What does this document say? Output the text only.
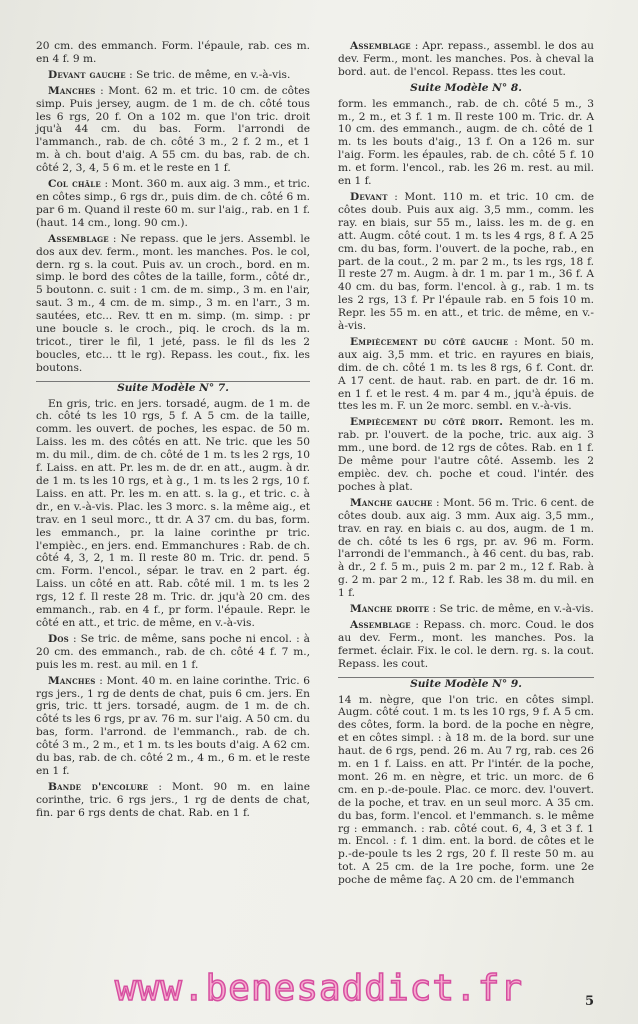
20 cm. des emmanch. Form. l'épaule, rab. ces m. en 4 f. 9 m.

Devant gauche : Se tric. de même, en v.-à-vis.

Manches : Mont. 62 m. et tric. 10 cm. de côtes simp. Puis jersey, augm. de 1 m. de ch. côté tous les 6 rgs, 20 f. On a 102 m. que l'on tric. droit jqu'à 44 cm. du bas. Form. l'arrondi de l'ammanch., rab. de ch. côté 3 m., 2 f. 2 m., et 1 m. à ch. bout d'aig. A 55 cm. du bas, rab. de ch. côté 2, 3, 4, 5 6 m. et le reste en 1 f.

Col châle : Mont. 360 m. aux aig. 3 mm., et tric. en côtes simp., 6 rgs dr., puis dim. de ch. côté 6 m. par 6 m. Quand il reste 60 m. sur l'aig., rab. en 1 f. (haut. 14 cm., long. 90 cm.).

Assemblage : Ne repass. que le jers. Assembl. le dos aux dev. ferm., mont. les manches. Pos. le col, dern. rg s. la cout. Puis av. un croch., bord. en m. simp. le bord des côtes de la taille, form., côté dr., 5 boutonn. c. suit : 1 cm. de m. simp., 3 m. en l'air, saut. 3 m., 4 cm. de m. simp., 3 m. en l'arr., 3 m. sautées, etc... Rev. tt en m. simp. (m. simp. : pr une boucle s. le croch., piq. le croch. ds la m. tricot., tirer le fil, 1 jeté, pass. le fil ds les 2 boucles, etc... tt le rg). Repass. les cout., fix. les boutons.

Suite Modèle N° 7.

En gris, tric. en jers. torsadé, augm. de 1 m. de ch. côté ts les 10 rgs, 5 f. A 5 cm. de la taille, comm. les ouvert. de poches, les espac. de 50 m. Laiss. les m. des côtés en att. Ne tric. que les 50 m. du mil., dim. de ch. côté de 1 m. ts les 2 rgs, 10 f. Laiss. en att. Pr. les m. de dr. en att., augm. à dr. de 1 m. ts les 10 rgs, et à g., 1 m. ts les 2 rgs, 10 f. Laiss. en att. Pr. les m. en att. s. la g., et tric. c. à dr., en v.-à-vis. Plac. les 3 morc. s. la même aig., et trav. en 1 seul morc., tt dr. A 37 cm. du bas, form. les emmanch., pr. la laine corinthe pr tric. l'empièc., en jers. end. Emmanchures : Rab. de ch. côté 4, 3, 2, 1 m. Il reste 80 m. Tric. dr. pend. 5 cm. Form. l'encol., sépar. le trav. en 2 part. ég. Laiss. un côté en att. Rab. côté mil. 1 m. ts les 2 rgs, 12 f. Il reste 28 m. Tric. dr. jqu'à 20 cm. des emmanch., rab. en 4 f., pr form. l'épaule. Repr. le côté en att., et tric. de même, en v.-à-vis.

Dos : Se tric. de même, sans poche ni encol. : à 20 cm. des emmanch., rab. de ch. côté 4 f. 7 m., puis les m. rest. au mil. en 1 f.

Manches : Mont. 40 m. en laine corinthe. Tric. 6 rgs jers., 1 rg de dents de chat, puis 6 cm. jers. En gris, tric. tt jers. torsadé, augm. de 1 m. de ch. côté ts les 6 rgs, pr av. 76 m. sur l'aig. A 50 cm. du bas, form. l'arrond. de l'emmanch., rab. de ch. côté 3 m., 2 m., et 1 m. ts les bouts d'aig. A 62 cm. du bas, rab. de ch. côté 2 m., 4 m., 6 m. et le reste en 1 f.

Bande d'encolure : Mont. 90 m. en laine corinthe, tric. 6 rgs jers., 1 rg de dents de chat, fin. par 6 rgs dents de chat. Rab. en 1 f.

Assemblage : Apr. repass., assembl. le dos au dev. Ferm., mont. les manches. Pos. à cheval la bord. aut. de l'encol. Repass. ttes les cout.

Suite Modèle N° 8.

form. les emmanch., rab. de ch. côté 5 m., 3 m., 2 m., et 3 f. 1 m. Il reste 100 m. Tric. dr. A 10 cm. des emmanch., augm. de ch. côté de 1 m. ts les bouts d'aig., 13 f. On a 126 m. sur l'aig. Form. les épaules, rab. de ch. côté 5 f. 10 m. et form. l'encol., rab. les 26 m. rest. au mil. en 1 f.

Devant : Mont. 110 m. et tric. 10 cm. de côtes doub. Puis aux aig. 3,5 mm., comm. les ray. en biais, sur 55 m., laiss. les m. de g. en att. Augm. côté cout. 1 m. ts les 4 rgs, 8 f. A 25 cm. du bas, form. l'ouvert. de la poche, rab., en part. de la cout., 2 m. par 2 m., ts les rgs, 18 f. Il reste 27 m. Augm. à dr. 1 m. par 1 m., 36 f. A 40 cm. du bas, form. l'encol. à g., rab. 1 m. ts les 2 rgs, 13 f. Pr l'épaule rab. en 5 fois 10 m. Repr. les 55 m. en att., et tric. de même, en v.-à-vis.

Empiècement du côté gauche : Mont. 50 m. aux aig. 3,5 mm. et tric. en rayures en biais, dim. de ch. côté 1 m. ts les 8 rgs, 6 f. Cont. dr. A 17 cent. de haut. rab. en part. de dr. 16 m. en 1 f. et le rest. 4 m. par 4 m., jqu'à épuis. de ttes les m. F. un 2e morc. sembl. en v.-à-vis.

Empiècement du côté droit. Remont. les m. rab. pr. l'ouvert. de la poche, tric. aux aig. 3 mm., une bord. de 12 rgs de côtes. Rab. en 1 f. De même pour l'autre côté. Assemb. les 2 empièc. dev. ch. poche et coud. l'intér. des poches à plat.

Manche gauche : Mont. 56 m. Tric. 6 cent. de côtes doub. aux aig. 3 mm. Aux aig. 3,5 mm., trav. en ray. en biais c. au dos, augm. de 1 m. de ch. côté ts les 6 rgs, pr. av. 96 m. Form. l'arrondi de l'emmanch., à 46 cent. du bas, rab. à dr., 2 f. 5 m., puis 2 m. par 2 m., 12 f. Rab. à g. 2 m. par 2 m., 12 f. Rab. les 38 m. du mil. en 1 f.

Manche droite : Se tric. de même, en v.-à-vis.

Assemblage : Repass. ch. morc. Coud. le dos au dev. Ferm., mont. les manches. Pos. la fermet. éclair. Fix. le col. le dern. rg. s. la cout. Repass. les cout.

Suite Modèle N° 9.

14 m. nègre, que l'on tric. en côtes simpl. Augm. côté cout. 1 m. ts les 10 rgs, 9 f. A 5 cm. des côtes, form. la bord. de la poche en nègre, et en côtes simpl. : à 18 m. de la bord. sur une haut. de 6 rgs, pend. 26 m. Au 7 rg, rab. ces 26 m. en 1 f. Laiss. en att. Pr l'intér. de la poche, mont. 26 m. en nègre, et tric. un morc. de 6 cm. en p.-de-poule. Plac. ce morc. dev. l'ouvert. de la poche, et trav. en un seul morc. A 35 cm. du bas, form. l'encol. et l'emmanch. s. le même rg : emmanch. : rab. côté cout. 6, 4, 3 et 3 f. 1 m. Encol. : f. 1 dim. ent. la bord. de côtes et le p.-de-poule ts les 2 rgs, 20 f. Il reste 50 m. au tot. A 25 cm. de la 1re poche, form. une 2e poche de même faç. A 20 cm. de l'emmanch

www.benesaddict.fr	5
